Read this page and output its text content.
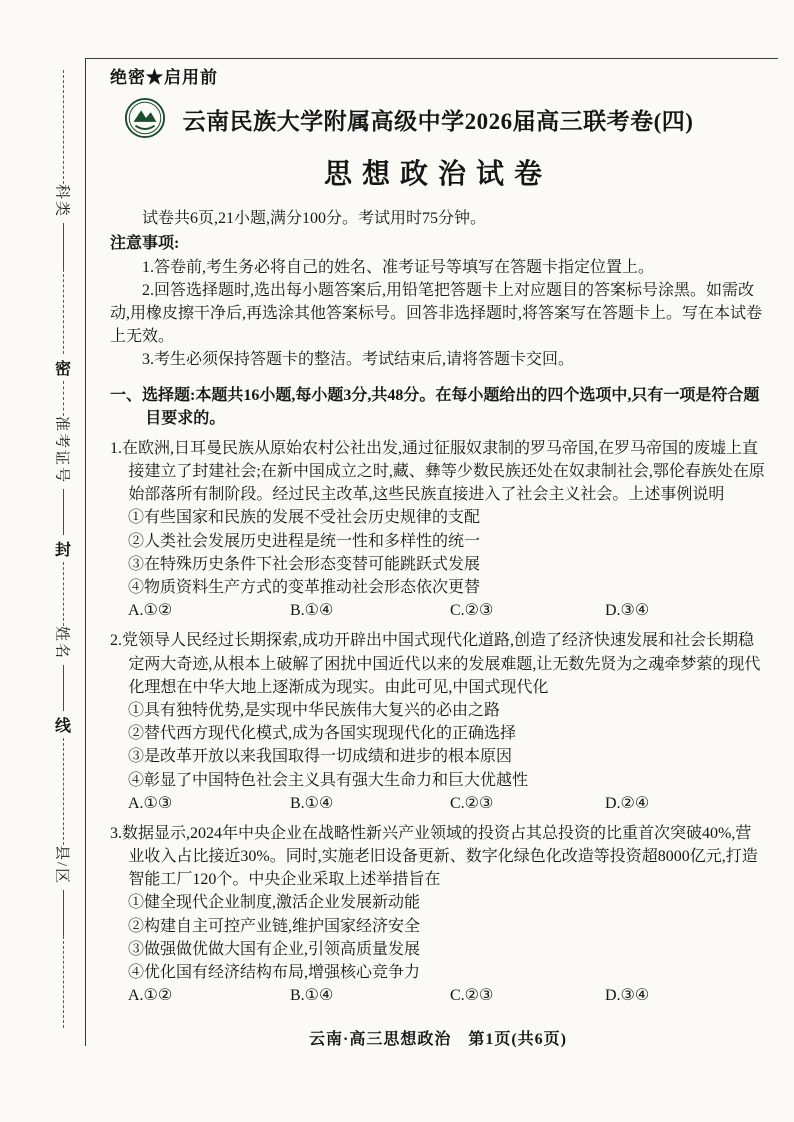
科类
密
准考证号
封
姓名
线
县/区
绝密★启用前
云南民族大学附属高级中学2026届高三联考卷(四)
思想政治试卷

试卷共6页,21小题,满分100分。考试用时75分钟。

注意事项:

1.答卷前,考生务必将自己的姓名、准考证号等填写在答题卡指定位置上。

2.回答选择题时,选出每小题答案后,用铅笔把答题卡上对应题目的答案标号涂黑。如需改动,用橡皮擦干净后,再选涂其他答案标号。回答非选择题时,将答案写在答题卡上。写在本试卷上无效。

3.考生必须保持答题卡的整洁。考试结束后,请将答题卡交回。

一、选择题:本题共16小题,每小题3分,共48分。在每小题给出的四个选项中,只有一项是符合题目要求的。

1.在欧洲,日耳曼民族从原始农村公社出发,通过征服奴隶制的罗马帝国,在罗马帝国的废墟上直接建立了封建社会;在新中国成立之时,藏、彝等少数民族还处在奴隶制社会,鄂伦春族处在原始部落所有制阶段。经过民主改革,这些民族直接进入了社会主义社会。上述事例说明

①有些国家和民族的发展不受社会历史规律的支配

②人类社会发展历史进程是统一性和多样性的统一

③在特殊历史条件下社会形态变替可能跳跃式发展

④物质资料生产方式的变革推动社会形态依次更替

A.①②	B.①④	C.②③	D.③④

2.党领导人民经过长期探索,成功开辟出中国式现代化道路,创造了经济快速发展和社会长期稳定两大奇迹,从根本上破解了困扰中国近代以来的发展难题,让无数先贤为之魂牵梦萦的现代化理想在中华大地上逐渐成为现实。由此可见,中国式现代化

①具有独特优势,是实现中华民族伟大复兴的必由之路

②替代西方现代化模式,成为各国实现现代化的正确选择

③是改革开放以来我国取得一切成绩和进步的根本原因

④彰显了中国特色社会主义具有强大生命力和巨大优越性

A.①③	B.①④	C.②③	D.②④

3.数据显示,2024年中央企业在战略性新兴产业领域的投资占其总投资的比重首次突破40%,营业收入占比接近30%。同时,实施老旧设备更新、数字化绿色化改造等投资超8000亿元,打造智能工厂120个。中央企业采取上述举措旨在

①健全现代企业制度,激活企业发展新动能

②构建自主可控产业链,维护国家经济安全

③做强做优做大国有企业,引领高质量发展

④优化国有经济结构布局,增强核心竞争力

A.①②	B.①④	C.②③	D.③④
云南·高三思想政治　第1页(共6页)
